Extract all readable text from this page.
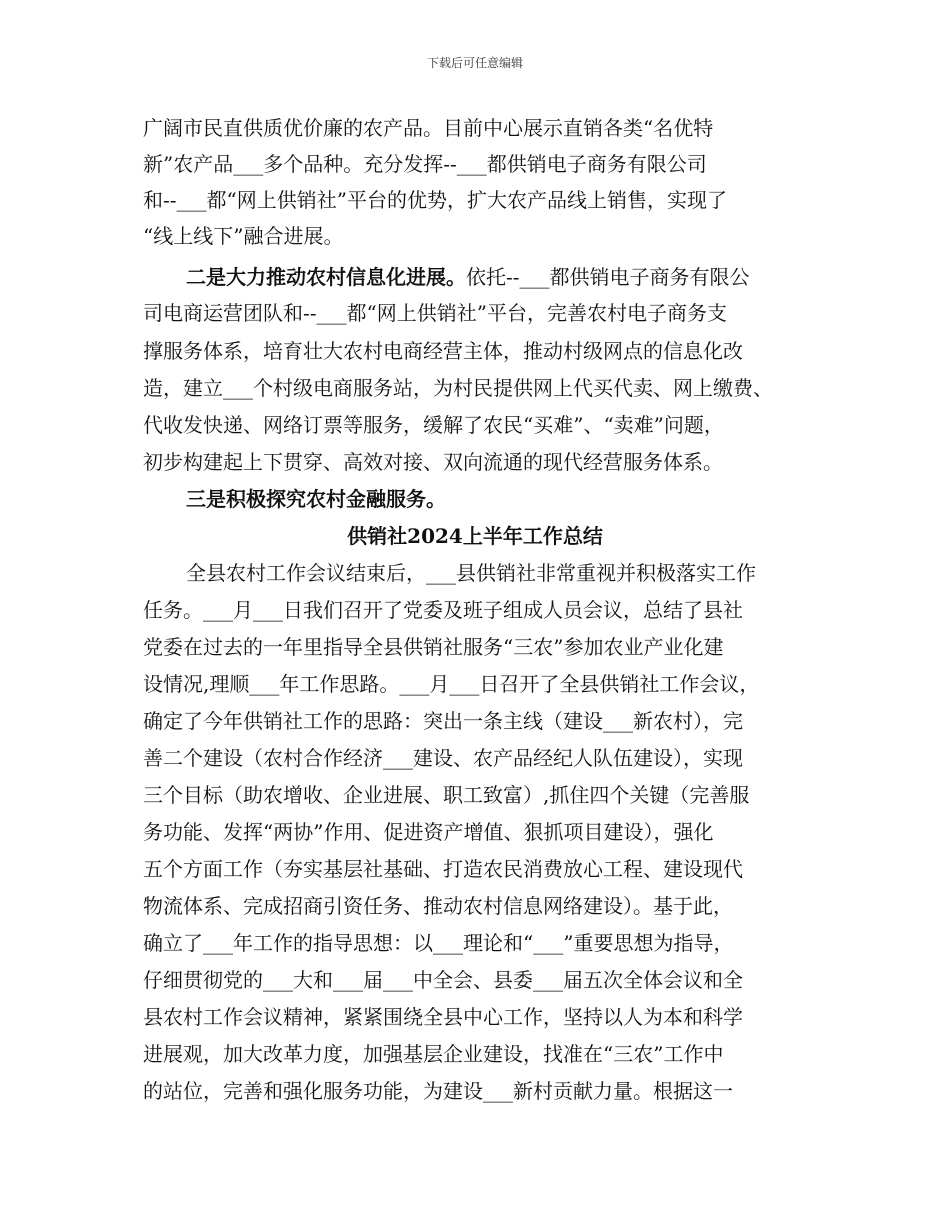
下载后可任意编辑
广阔市民直供质优价廉的农产品。目前中心展示直销各类“名优特
新”农产品___多个品种。充分发挥--___都供销电子商务有限公司
和--___都“网上供销社”平台的优势，扩大农产品线上销售，实现了
“线上线下”融合进展。
二是大力推动农村信息化进展。依托--___都供销电子商务有限公
司电商运营团队和--___都“网上供销社”平台，完善农村电子商务支
撑服务体系，培育壮大农村电商经营主体，推动村级网点的信息化改
造，建立___个村级电商服务站，为村民提供网上代买代卖、网上缴费、
代收发快递、网络订票等服务，缓解了农民“买难”、“卖难”问题，
初步构建起上下贯穿、高效对接、双向流通的现代经营服务体系。
三是积极探究农村金融服务。
供销社2024上半年工作总结
全县农村工作会议结束后，___县供销社非常重视并积极落实工作
任务。___月___日我们召开了党委及班子组成人员会议，总结了县社
党委在过去的一年里指导全县供销社服务“三农”参加农业产业化建
设情况,理顺___年工作思路。___月___日召开了全县供销社工作会议，
确定了今年供销社工作的思路：突出一条主线（建设___新农村），完
善二个建设（农村合作经济___建设、农产品经纪人队伍建设），实现
三个目标（助农增收、企业进展、职工致富）,抓住四个关键（完善服
务功能、发挥“两协”作用、促进资产增值、狠抓项目建设），强化
五个方面工作（夯实基层社基础、打造农民消费放心工程、建设现代
物流体系、完成招商引资任务、推动农村信息网络建设）。基于此，
确立了___年工作的指导思想：以___理论和“___”重要思想为指导，
仔细贯彻党的___大和___届___中全会、县委___届五次全体会议和全
县农村工作会议精神，紧紧围绕全县中心工作，坚持以人为本和科学
进展观，加大改革力度，加强基层企业建设，找准在“三农”工作中
的站位，完善和强化服务功能，为建设___新村贡献力量。根据这一
